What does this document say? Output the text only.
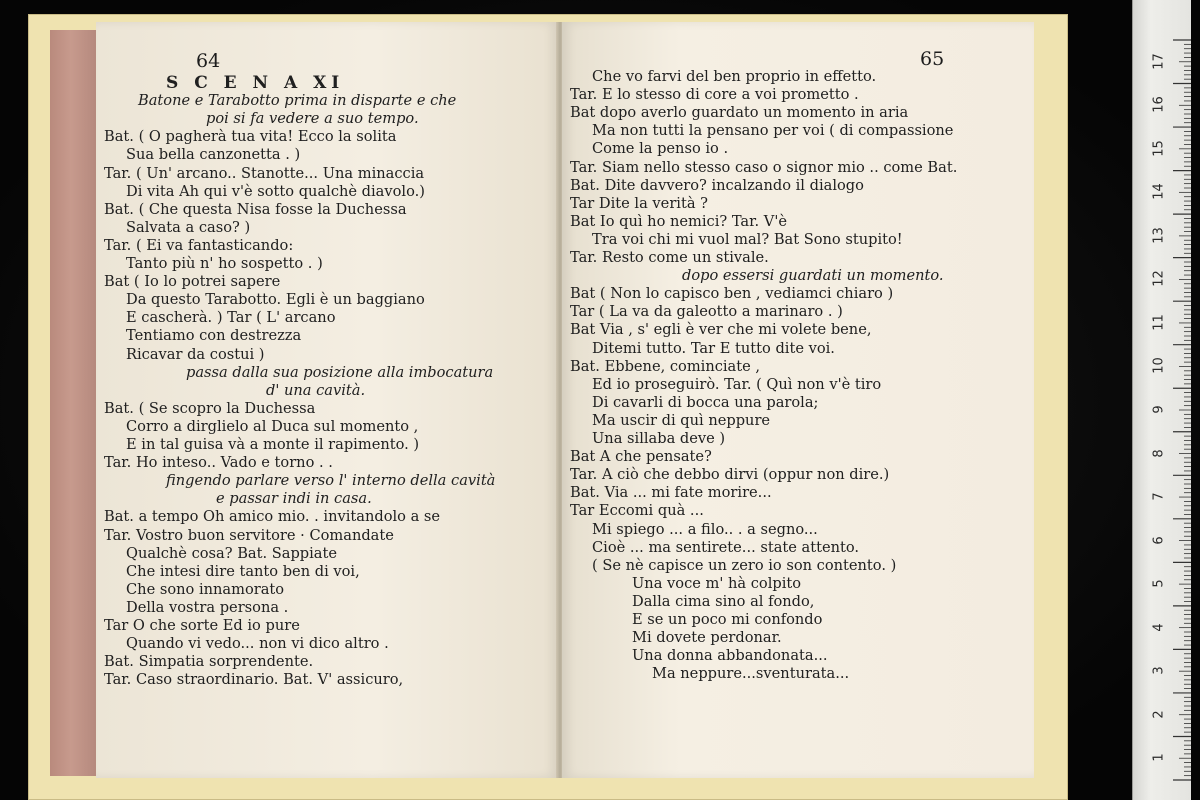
64
S C E N A XI
Batone e Tarabotto prima in disparte e che
poi si fa vedere a suo tempo.
Bat. ( O pagherà tua vita! Ecco la solita
Sua bella canzonetta . )
Tar. ( Un' arcano.. Stanotte... Una minaccia
Di vita Ah qui v'è sotto qualchè diavolo.)
Bat. ( Che questa Nisa fosse la Duchessa
Salvata a caso? )
Tar. ( Ei va fantasticando:
Tanto più n' ho sospetto . )
Bat ( Io lo potrei sapere
Da questo Tarabotto. Egli è un baggiano
E cascherà. ) Tar ( L' arcano
Tentiamo con destrezza
Ricavar da costui )
passa dalla sua posizione alla imbocatura
d' una cavità.
Bat. ( Se scopro la Duchessa
Corro a dirglielo al Duca sul momento ,
E in tal guisa và a monte il rapimento. )
Tar. Ho inteso.. Vado e torno . .
fingendo parlare verso l' interno della cavità
e passar indi in casa.
Bat. a tempo Oh amico mio. . invitandolo a se
Tar. Vostro buon servitore · Comandate
Qualchè cosa? Bat. Sappiate
Che intesi dire tanto ben di voi,
Che sono innamorato
Della vostra persona .
Tar O che sorte Ed io pure
Quando vi vedo... non vi dico altro .
Bat. Simpatia sorprendente.
Tar. Caso straordinario. Bat. V' assicuro,
65
Che vo farvi del ben proprio in effetto.
Tar. E lo stesso di core a voi prometto .
Bat dopo averlo guardato un momento in aria
Ma non tutti la pensano per voi ( di compassione
Come la penso io .
Tar. Siam nello stesso caso o signor mio .. come Bat.
Bat. Dite davvero? incalzando il dialogo
Tar Dite la verità ?
Bat Io quì ho nemici? Tar. V'è
Tra voi chi mi vuol mal? Bat Sono stupito!
Tar. Resto come un stivale.
dopo essersi guardati un momento.
Bat ( Non lo capisco ben , vediamci chiaro )
Tar ( La va da galeotto a marinaro . )
Bat Via , s' egli è ver che mi volete bene,
Ditemi tutto. Tar E tutto dite voi.
Bat. Ebbene, cominciate ,
Ed io proseguirò. Tar. ( Quì non v'è tiro
Di cavarli di bocca una parola;
Ma uscir di quì neppure
Una sillaba deve )
Bat A che pensate?
Tar. A ciò che debbo dirvi (oppur non dire.)
Bat. Via ... mi fate morire...
Tar Eccomi quà ...
Mi spiego ... a filo.. . a segno...
Cioè ... ma sentirete... state attento.
( Se nè capisce un zero io son contento. )
Una voce m' hà colpito
Dalla cima sino al fondo,
E se un poco mi confondo
Mi dovete perdonar.
Una donna abbandonata...
Ma neppure...sventurata...
17
16
15
14
13
12
11
10
9
8
7
6
5
4
3
2
1
